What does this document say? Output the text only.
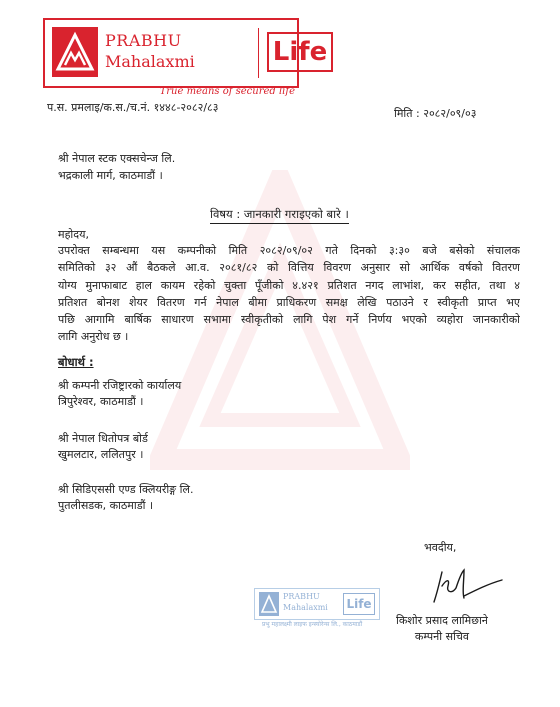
PRABHU
Mahalaxmi	Life
True means of secured life
प.स. प्रमलाइ/क.स./च.नं. १४४८-२०८२/८३	मिति : २०८२/०९/०३
श्री नेपाल स्टक एक्सचेन्ज लि.
भद्रकाली मार्ग, काठमाडौं ।
विषय : जानकारी गराइएको बारे ।
महोदय,
उपरोक्त सम्बन्धमा यस कम्पनीको मिति २०८२/०९/०२ गते दिनको ३:३० बजे बसेको संचालक
समितिको ३२ औं बैठकले आ.व. २०८१/८२ को वित्तिय विवरण अनुसार सो आर्थिक वर्षको वितरण
योग्य मुनाफाबाट हाल कायम रहेको चुक्ता पूँजीको ४.४२१ प्रतिशत नगद लाभांश, कर सहीत, तथा ४
प्रतिशत बोनश शेयर वितरण गर्न नेपाल बीमा प्राधिकरण समक्ष लेखि पठाउने र स्वीकृती प्राप्त भए
पछि आगामि बार्षिक साधारण सभामा स्वीकृतीको लागि पेश गर्ने निर्णय भएको व्यहोरा जानकारीको
लागि अनुरोध छ ।
बोधार्थ :
श्री कम्पनी रजिष्ट्रारको कार्यालय
त्रिपुरेश्वर, काठमाडौं ।
श्री नेपाल धितोपत्र बोर्ड
खुमलटार, ललितपुर ।
श्री सिडिएससी एण्ड क्लियरीङ्ग लि.
पुतलीसडक, काठमाडौं ।
भवदीय,
PRABHU
Mahalaxmi Life
प्रभु महालक्ष्मी लाइफ इन्स्योरेन्स लि., काठमाडौं	किशोर प्रसाद लामिछाने
कम्पनी सचिव
